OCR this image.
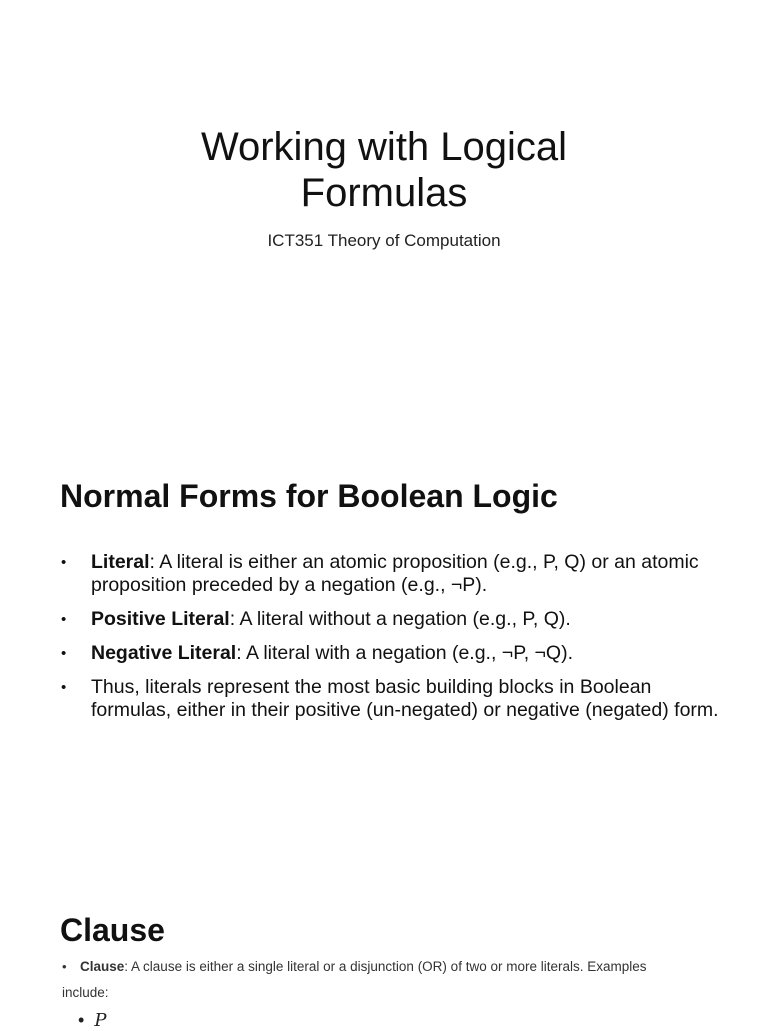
Working with Logical
Formulas
ICT351 Theory of Computation
Normal Forms for Boolean Logic
• Literal: A literal is either an atomic proposition (e.g., P, Q) or an atomic proposition preceded by a negation (e.g., ¬P).
• Positive Literal: A literal without a negation (e.g., P, Q).
• Negative Literal: A literal with a negation (e.g., ¬P, ¬Q).
• Thus, literals represent the most basic building blocks in Boolean formulas, either in their positive (un-negated) or negative (negated) form.
Clause
• Clause: A clause is either a single literal or a disjunction (OR) of two or more literals. Examples include:
• P
